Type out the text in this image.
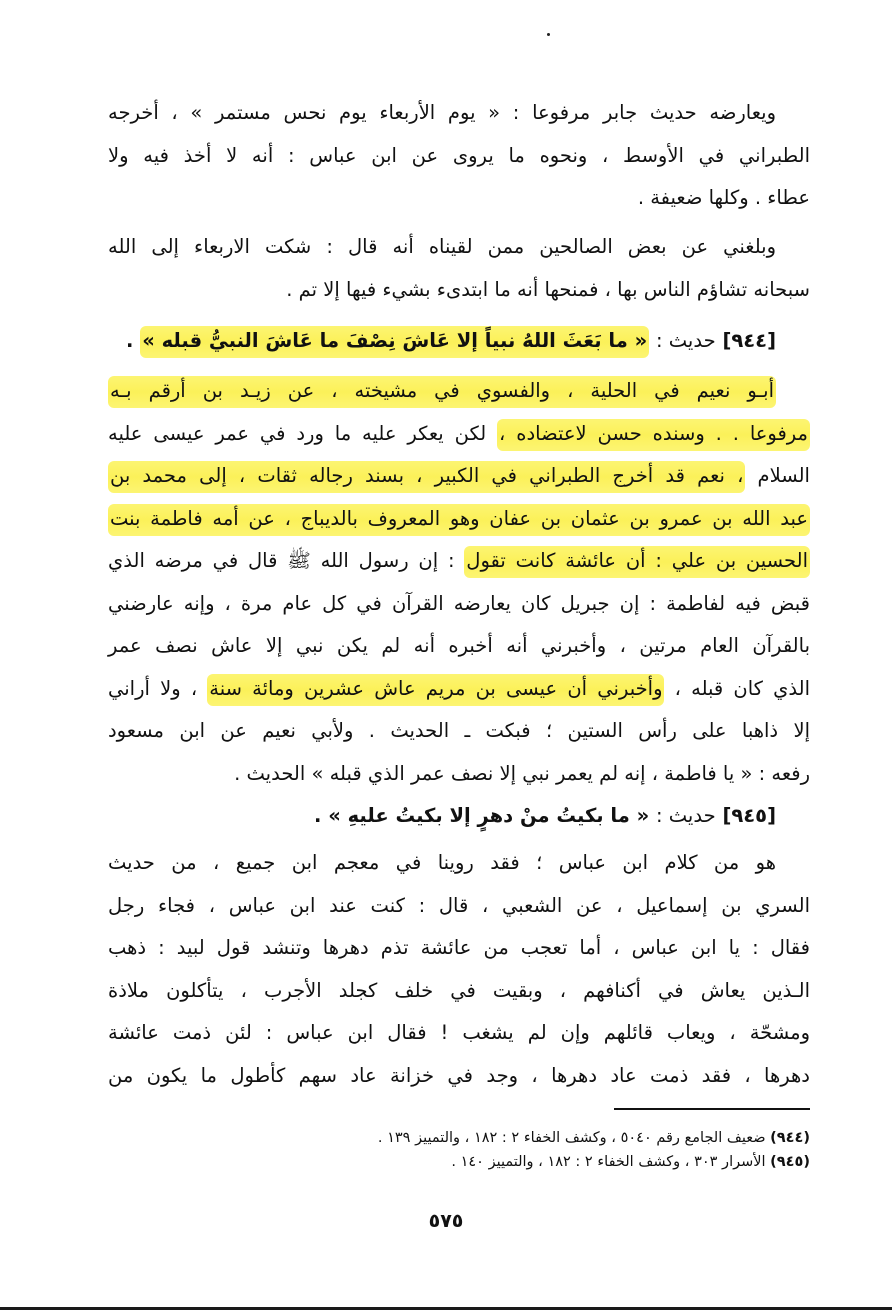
ويعارضه حديث جابر مرفوعا : « يوم الأربعاء يوم نحس مستمر » ، أخرجه
الطبراني في الأوسط ، ونحوه ما يروى عن ابن عباس : أنه لا أخذ فيه ولا
عطاء . وكلها ضعيفة .

وبلغني عن بعض الصالحين ممن لقيناه أنه قال : شكت الاربعاء إلى الله
سبحانه تشاؤم الناس بها ، فمنحها أنه ما ابتدىء بشيء فيها إلا تم .

[٩٤٤] حديث : « ما بَعَثَ اللهُ نبياً إلا عَاشَ نِصْفَ ما عَاشَ النبيُّ قبله » .

أبـو نعيم في الحلية ، والفسوي في مشيخته ، عن زيـد بن أرقم بـه
مرفوعا . . وسنده حسن لاعتضاده ، لكن يعكر عليه ما ورد في عمر عيسى عليه
السلام ، نعم قد أخرج الطبراني في الكبير ، بسند رجاله ثقات ، إلى محمد بن
عبد الله بن عمرو بن عثمان بن عفان وهو المعروف بالديباج ، عن أمه فاطمة بنت
الحسين بن علي : أن عائشة كانت تقول : إن رسول الله ﷺ قال في مرضه الذي
قبض فيه لفاطمة : إن جبريل كان يعارضه القرآن في كل عام مرة ، وإنه عارضني
بالقرآن العام مرتين ، وأخبرني أنه أخبره أنه لم يكن نبي إلا عاش نصف عمر
الذي كان قبله ، وأخبرني أن عيسى بن مريم عاش عشرين ومائة سنة ، ولا أراني
إلا ذاهبا على رأس الستين ؛ فبكت ـ الحديث . ولأبي نعيم عن ابن مسعود
رفعه : « يا فاطمة ، إنه لم يعمر نبي إلا نصف عمر الذي قبله » الحديث .

[٩٤٥] حديث : « ما بكيتُ منْ دهرٍ إلا بكيتُ عليهِ » .

هو من كلام ابن عباس ؛ فقد روينا في معجم ابن جميع ، من حديث
السري بن إسماعيل ، عن الشعبي ، قال : كنت عند ابن عباس ، فجاء رجل
فقال : يا ابن عباس ، أما تعجب من عائشة تذم دهرها وتنشد قول لبيد : ذهب
الـذين يعاش في أكنافهم ، وبقيت في خلف كجلد الأجرب ، يتأكلون ملاذة
ومشحّة ، ويعاب قائلهم وإن لم يشغب ! فقال ابن عباس : لئن ذمت عائشة
دهرها ، فقد ذمت عاد دهرها ، وجد في خزانة عاد سهم كأطول ما يكون من

(٩٤٤) ضعيف الجامع رقم ٥٠٤٠ ، وكشف الخفاء ٢ : ١٨٢ ، والتمييز ١٣٩ .
(٩٤٥) الأسرار ٣٠٣ ، وكشف الخفاء ٢ : ١٨٢ ، والتمييز ١٤٠ .
٥٧٥
